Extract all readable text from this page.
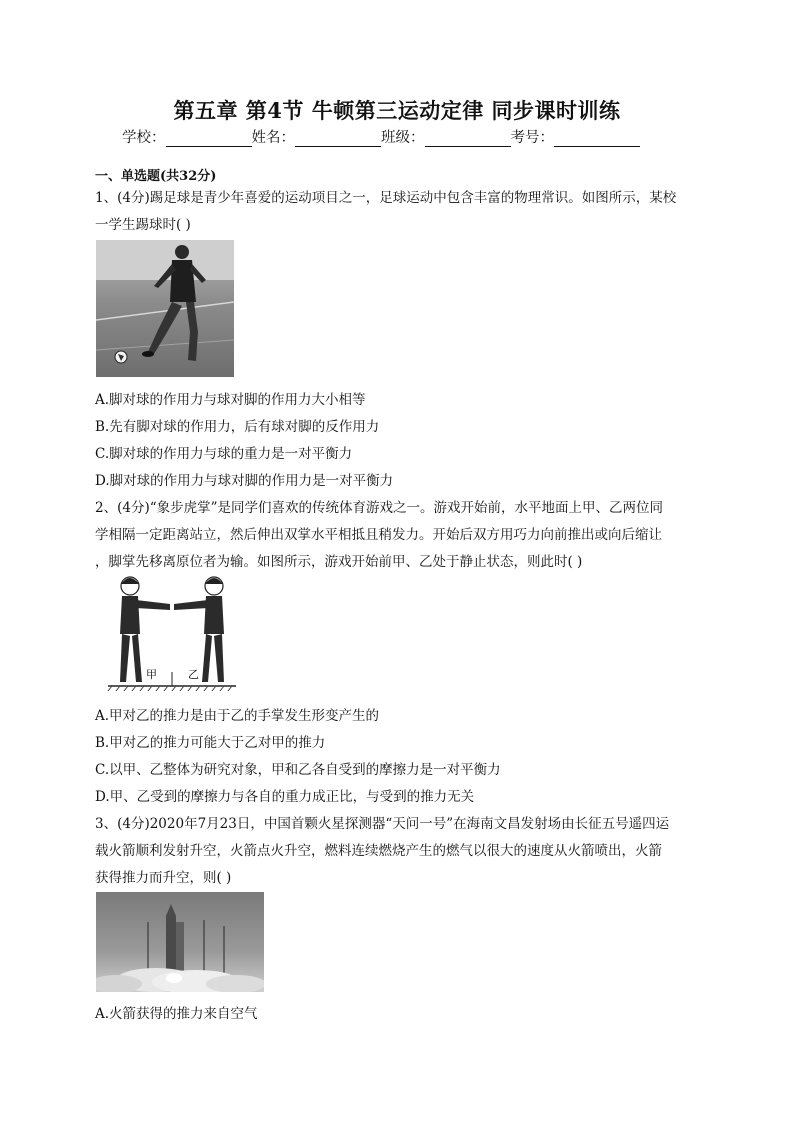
第五章 第4节 牛顿第三运动定律 同步课时训练
学校：	姓名：	班级：	考号：
一、单选题(共32分)
1、(4分)踢足球是青少年喜爱的运动项目之一，足球运动中包含丰富的物理常识。如图所示，某校
一学生踢球时( )
A.脚对球的作用力与球对脚的作用力大小相等
B.先有脚对球的作用力，后有球对脚的反作用力
C.脚对球的作用力与球的重力是一对平衡力
D.脚对球的作用力与球对脚的作用力是一对平衡力
2、(4分)“象步虎掌”是同学们喜欢的传统体育游戏之一。游戏开始前，水平地面上甲、乙两位同
学相隔一定距离站立，然后伸出双掌水平相抵且稍发力。开始后双方用巧力向前推出或向后缩让
，脚掌先移离原位者为输。如图所示，游戏开始前甲、乙处于静止状态，则此时( )
甲	乙
A.甲对乙的推力是由于乙的手掌发生形变产生的
B.甲对乙的推力可能大于乙对甲的推力
C.以甲、乙整体为研究对象，甲和乙各自受到的摩擦力是一对平衡力
D.甲、乙受到的摩擦力与各自的重力成正比，与受到的推力无关
3、(4分)2020年7月23日，中国首颗火星探测器“天问一号”在海南文昌发射场由长征五号遥四运
载火箭顺利发射升空，火箭点火升空，燃料连续燃烧产生的燃气以很大的速度从火箭喷出，火箭
获得推力而升空，则( )
A.火箭获得的推力来自空气
